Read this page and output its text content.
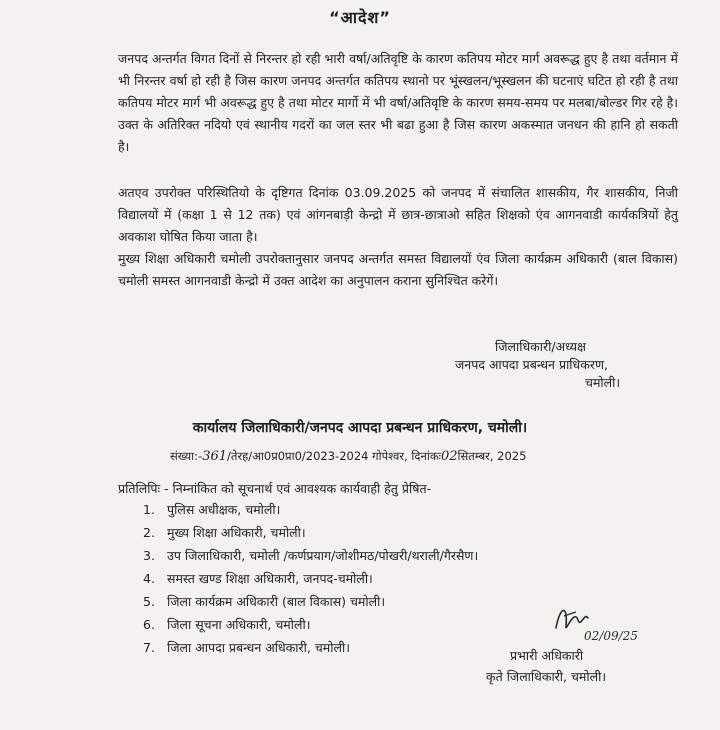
“आदेश”
जनपद अन्तर्गत विगत दिनों से निरन्तर हो रही भारी वर्षा/अतिवृष्टि के कारण कतिपय मोटर मार्ग अवरूद्ध हुए है तथा वर्तमान में भी निरन्तर वर्षा हो रही है जिस कारण जनपद अन्तर्गत कतिपय स्थानो पर भूंस्खलन/भूस्खलन की घटनाएं घटित हो रही है तथा कतिपय मोटर मार्ग भी अवरूद्ध हुए है तथा मोटर मार्गो में भी वर्षा/अतिवृष्टि के कारण समय-समय पर मलबा/बोल्डर गिर रहे है। उक्त के अतिरिक्त नदियो एवं स्थानीय गदरों का जल स्तर भी बढा हुआ है जिस कारण अकस्मात जनधन की हानि हो सकती है।
अतएव उपरोक्त परिस्थितियो के दृष्टिगत दिनांक 03.09.2025 को जनपद में संचालित शासकीय, गैर शासकीय, निजी विद्यालयों में (कक्षा 1 से 12 तक) एवं आंगनबाड़ी केन्द्रो में छात्र-छात्राओ सहित शिक्षको एंव आगनवाडी कार्यकत्रियों हेतु अवकाश घोषित किया जाता है।
मुख्य शिक्षा अधिकारी चमोली उपरोक्तानुसार जनपद अन्तर्गत समस्त विद्यालयों एंव जिला कार्यक्रम अधिकारी (बाल विकास) चमोली समस्त आगनवाडी केन्द्रो में उक्त आदेश का अनुपालन कराना सुनिश्चित करेगें।
जिलाधिकारी/अध्यक्ष
जनपद आपदा प्रबन्धन प्राधिकरण,
चमोली।
कार्यालय जिलाधिकारी/जनपद आपदा प्रबन्धन प्राधिकरण, चमोली।
संख्या:-361/तेरह/आ0प्र0प्रा0/2023-2024 गोपेश्वर, दिनांकः02सितम्बर, 2025
प्रतिलिपिः - निम्नांकित को सूचनार्थ एवं आवश्यक कार्यवाही हेतु प्रेषित-
1. पुलिस अधीक्षक, चमोली।
2. मुख्य शिक्षा अधिकारी, चमोली।
3. उप जिलाधिकारी, चमोली /कर्णप्रयाग/जोशीमठ/पोखरी/थराली/गैरसैण।
4. समस्त खण्ड शिक्षा अधिकारी, जनपद-चमोली।
5. जिला कार्यक्रम अधिकारी (बाल विकास) चमोली।
6. जिला सूचना अधिकारी, चमोली।
7. जिला आपदा प्रबन्धन अधिकारी, चमोली।
02/09/25
प्रभारी अधिकारी
कृते जिलाधिकारी, चमोली।
